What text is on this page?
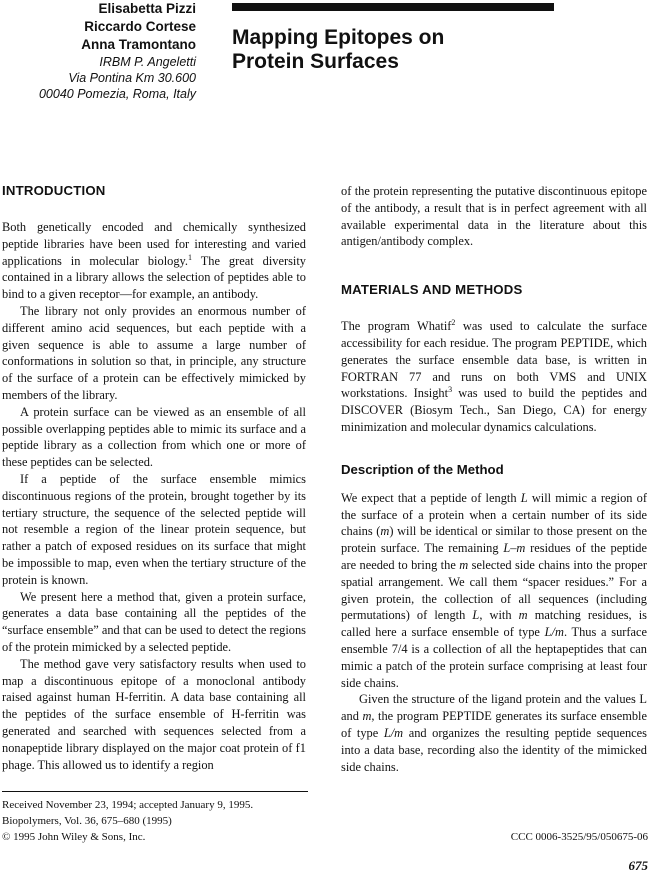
Elisabetta Pizzi
Riccardo Cortese
Anna Tramontano
IRBM P. Angeletti
Via Pontina Km 30.600
00040 Pomezia, Roma, Italy
Mapping Epitopes on
Protein Surfaces
INTRODUCTION

Both genetically encoded and chemically synthesized peptide libraries have been used for interesting and varied applications in molecular biology.$^1$ The great diversity contained in a library allows the selection of peptides able to bind to a given receptor—for example, an antibody.

The library not only provides an enormous number of different amino acid sequences, but each peptide with a given sequence is able to assume a large number of conformations in solution so that, in principle, any structure of the surface of a protein can be effectively mimicked by members of the library.

A protein surface can be viewed as an ensemble of all possible overlapping peptides able to mimic its surface and a peptide library as a collection from which one or more of these peptides can be selected.

If a peptide of the surface ensemble mimics discontinuous regions of the protein, brought together by its tertiary structure, the sequence of the selected peptide will not resemble a region of the linear protein sequence, but rather a patch of exposed residues on its surface that might be impossible to map, even when the tertiary structure of the protein is known.

We present here a method that, given a protein surface, generates a data base containing all the peptides of the “surface ensemble” and that can be used to detect the regions of the protein mimicked by a selected peptide.

The method gave very satisfactory results when used to map a discontinuous epitope of a monoclonal antibody raised against human H-ferritin. A data base containing all the peptides of the surface ensemble of H-ferritin was generated and searched with sequences selected from a nonapeptide library displayed on the major coat protein of f1 phage. This allowed us to identify a region

of the protein representing the putative discontinuous epitope of the antibody, a result that is in perfect agreement with all available experimental data in the literature about this antigen/antibody complex.

MATERIALS AND METHODS

The program Whatif$^2$ was used to calculate the surface accessibility for each residue. The program PEPTIDE, which generates the surface ensemble data base, is written in FORTRAN 77 and runs on both VMS and UNIX workstations. Insight$^3$ was used to build the peptides and DISCOVER (Biosym Tech., San Diego, CA) for energy minimization and molecular dynamics calculations.

Description of the Method

We expect that a peptide of length L will mimic a region of the surface of a protein when a certain number of its side chains (m) will be identical or similar to those present on the protein surface. The remaining L–m residues of the peptide are needed to bring the m selected side chains into the proper spatial arrangement. We call them “spacer residues.” For a given protein, the collection of all sequences (including permutations) of length L, with m matching residues, is called here a surface ensemble of type L/m. Thus a surface ensemble 7/4 is a collection of all the heptapeptides that can mimic a patch of the protein surface comprising at least four side chains.

Given the structure of the ligand protein and the values L and m, the program PEPTIDE generates its surface ensemble of type L/m and organizes the resulting peptide sequences into a data base, recording also the identity of the mimicked side chains.

Received November 23, 1994; accepted January 9, 1995.
Biopolymers, Vol. 36, 675–680 (1995)
© 1995 John Wiley & Sons, Inc.	CCC 0006-3525/95/050675-06
675
